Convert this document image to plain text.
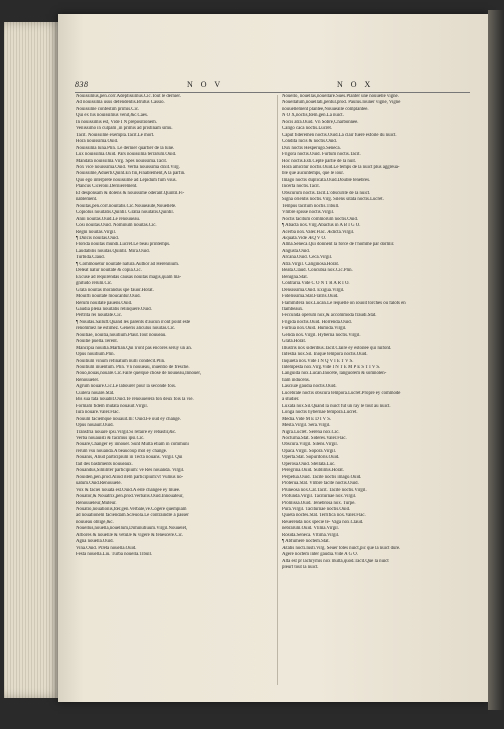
838	N O V	N O X
Nouissimus,pen.corr.Adeptissimus.Cic.Tout le dernier.
Ad nouissima usus defendentis.Brutus Cassio.
Nouissime confestim primis.Cic.
Qui ex his nouissimus venit,&c.Caes.
In nouissimis est, Vide I N prepositionem.
Venissimo in culpam ,in primis ad pristinam simu.
Tacit. Nouissime exempla.Tacit.Le mort.
Hora nouissima.Ouid.
Nouissima luna.Plin. Le dernier quartier de la lune.
Lux nouissima.Ouid. Pars nouissima terrarum.Ouid.
Mandata nouissima.Virg. Spes nouissima.Tacit.
Nox vice nouissima.Ouid. Verba nouissima dixit.Virg.
Nouissime,Aduerb.Quint.En fin,Finablement,A la parfin.
Quo ego interprete nouissime ad Lepidum fum vsus.
Plancus Ciceroni.Dernierement.
Et desponsam & dolens & nouissime oderant.Quintil.Fi-
nablement.
Nouitas,pen.corr.nouitatis.Cic.Nouueauté,Nouelleté.
Copiolus nouitatis.Quintil. Gratia nouitatis.Quintil.
Anni nouitas.Ouid.Le renouueau.
Cōsi nouitas.Ouid. Nominum nouitas.Cic.
Regni nouitas.Virgil.
¶ Dulcis nouitas.Ouid.
Florida nouitas mundi.Lucret.Le beau printemps.
Laudabilis nouitas.Quintil. Mira.Ouid.
Turbida.Claud.
¶ Commouetur nouitate natura.Author ad Herennium.
Deleat natur nouitate & copia.Cic.
Excuse ad requirendas causas nouitas magis,quam ma-
gnitudo rerum.Cic.
Grata nouitas morandus spe fauor.Horat.
Mouifti nouitate moucantur.Ouid.
Rerum nouitate pauens.Ouid.
Gaudia plena nouitatis relinquere.Ouid.
Pertrita rei nouitate.Cic.
¶ Nouitas.Salluft.Quand les parents d'aucun n'ont point esté
renommez ne estimez. Generis aliculus nouitas.Cic.
Nouitiae, nouitia,nouitium.Plaut.Tout nouueau.
Nouitie puella.Terent.
Mancipia nouitia.Martian.Qui n'ont pas encores seruy un an.
Opus nouitium.Plin.
Nouitium vinum refinatum nulli condecit.Plin.
Nouitium inuentum. Plin. Vn nouueau, inuentio de fresche.
Nouo,nouas,nouare.Cic.Faire quelque chose de nouueau,Innouer,
Renouueler.
Agrum nouare.Cic.Le labourer pour la seconde fois.
Cuilera nouare.Stat.
Bis sua fata nouabit.Ouid.Te renouuelera ton deux fois la vie.
Formam fidem mutata nouauit.Virgil.
Iura nouare.Valer.Flac.
Nouum faciemque nouauit.Ili: Ouid.Fe oud ey changé.
Opus nouauit.Ouid.
Transfria nouare ipsi.Virgil.Si refaire ey rebastir,&c.
Verba nouauisti & facimus ipsi.Cic.
Nouare,Changer ey innouer. Sunt Multa etiam in communi
rerum vsu nouanda.A beaucoup mol ey changé.
Nouanis, Aliud participium in Tecta nouans. Virgil. Qui
fait des bastiments nouueaux.
Nouandus,Similiter participium: ve Res nouanda. Virgil.
Nouiden,pen.prod.Aliud item participium:vt Vulnus no-
uatum.Ouid.Renouuelé.
Vox & faciei nouata est.Ouid.A este changee ey muee.
Nouator,& Nouatrix,pen.prod.Verbalis.Ouid.Innouateur,
Renouueleur,Muteur.
Nouatio,nouationis,fœr.gen.Verbale,ve.Cogere quempiam
ad nouationem faciendam.Scæuola.Le contraindre à passer
nouueau obligé,&c.
Nouellus,nouella,nouellum,Diminutiuum.Virgil.Nouuelet,
Arbores & nouellæ & vetulæ & vigere & fenescere.Cic.
Agna nouella.Ouid.
Vina.Ouid. Præta nouella.Ouid.
Festa nouella.Liu. Turba nouella.Tibull.
Nouello, nouellas,nouellare.Sues.Planter une nouuelle vigne.
Nouellatum,nouellati,pentul.prod. Paulus.Iouner vigne, Vigne
nouuellement plantee,Nouuealle complantee.
N O X,noctis,fœm.gen.La nuict.
Nocis atra.Ouid. Vn Sobre,Charbonnée.
Caligo caca noctis.Lucret.
Caput fideremen noctis.Ouid.La clair fuere esfoile du nuict.
Condita lucis & noctis.Ouid.
Dux noctis Hesperugo.Seneca.
Frigora noctis.Ouid. Furtum noctis.Tacit.
Hoc noctis.Esti.Cepte partie de la nuit.
Hora amicitur noctis.Ouid.Le temps de la nuict plus aggreua-
ble que aucuntemps, que le iour.
Imago noctis duplicata.Ouid.Double tenebres.
Incerta noctis.Tacit.
Obscurum noctis.Tacit.L'obscurité de la nuict.
Signa orientis noctis.Virg. Silens sitata noctis.Lucret.
Tempus tacitum noctis.Tibull.
Vmbre spisse noctis.Virgil.
Noctis tacitum commorum noctis.Ouid.
¶ Abacta nox.Virg.Abactus in A B I G O.
Acerba nox.Valer.Flac. Ædicta.Virgil.
Æquata.Vide ÆQ V O.
Alma.Seneca.Qui donnent la force de l'homme par dormir.
Angusta.Ouid.
Arcana.Ouid. Ceca.Virgil.
Atra.Virgil. Caliginosa.Horat.
Beata.Claud. Concubia nox.Cic.Plin.
Benigna.Stat.
Contraria.Vide C O N T R A R I O.
Densissima.Ouid. Exigua.Virgil.
Fidelissima.Stat.Fratris.Ouid.
Flammifera nox.Lucan.Le lequelle on iouoit torches ou falots en
flambeaux.
Feccunda operum nox,& accommoda fraudi.Stat.
Frigida noctis.Ouid. Horrenda.Ouid.
Furtiua nox.Ouid. Humida.Virgil.
Gelida nox.Virgil. Hyberna noctis.Virgil.
Grata.Horat.
Illustris nox sideribus.Tacit.Claire ey estoilee qui luifont.
Infestia nox.Sil. Inique tempora noctis.Ouid.
Inquieta nox.Vide I N Q V I E T V S.
Intempesta nox.Virg.Vide I N T E M P E S T I V S.
Languida nox.Lucan.Inocete, languorem & somnolen-
tiam inducens.
Lasciuæ gaudia noctis.Ouid.
Lucebrale noctis obscura tempora.Lucret.Propre ey commode
a studier.
Luxata nox.Sil.Quand la nuict fut un ray le tout au nuict.
Longa noctis hybernae tempora.Lucret.
Media.Vide M E D I V S.
Mesta.Virgil. Sera.Virgil.
Nigra.Lucret. Serena nox.Cic.
Nocturna.Stat. Sideres.Valer.Flac.
Obscura.Virgil. Silens.Virgil.
Opaca.Virgil. Sopora.Virgil.
Operta.Stat. Sopuritoris.Ouid.
Operosa.Ouid. Stellata.Luc.
Peregrina.Ouid. Sublimis.Horat.
Perpetua.Ouid. Tacite noctis imago.Ouid.
Proterua.Stat. Vmbre tacite noctis.Ouid.
Pruneosa nox.Cat.Tacit. Tacite noctis.Virgil.
Profunda.Virgil. Taciturnae nox.Virgil.
Promissa.Ouid. Tenebrosa nox. Turpe.
Pura.Virgil. Taciturnae noctis.Ouid.
Quieta noctes.Stat. Terrifica nox.Valer.Flac.
Reuerenda nox specie te- Vaga nox.Claud.
nebrarum.Ouid. Vlima.Virgil.
Rosida.Seneca. Vltima.Virgil.
¶ Abfumere noctem.Stat.
Ætatis nocti.Iusti.Virg. Seuer totes nuict,pic que la nuict dure.
Agere noctem inter gaudia.Vide A G O.
Alta est pr lachrymis nox multa,quod.Tacit.Que la nuict
pleurt tout la nuict.
